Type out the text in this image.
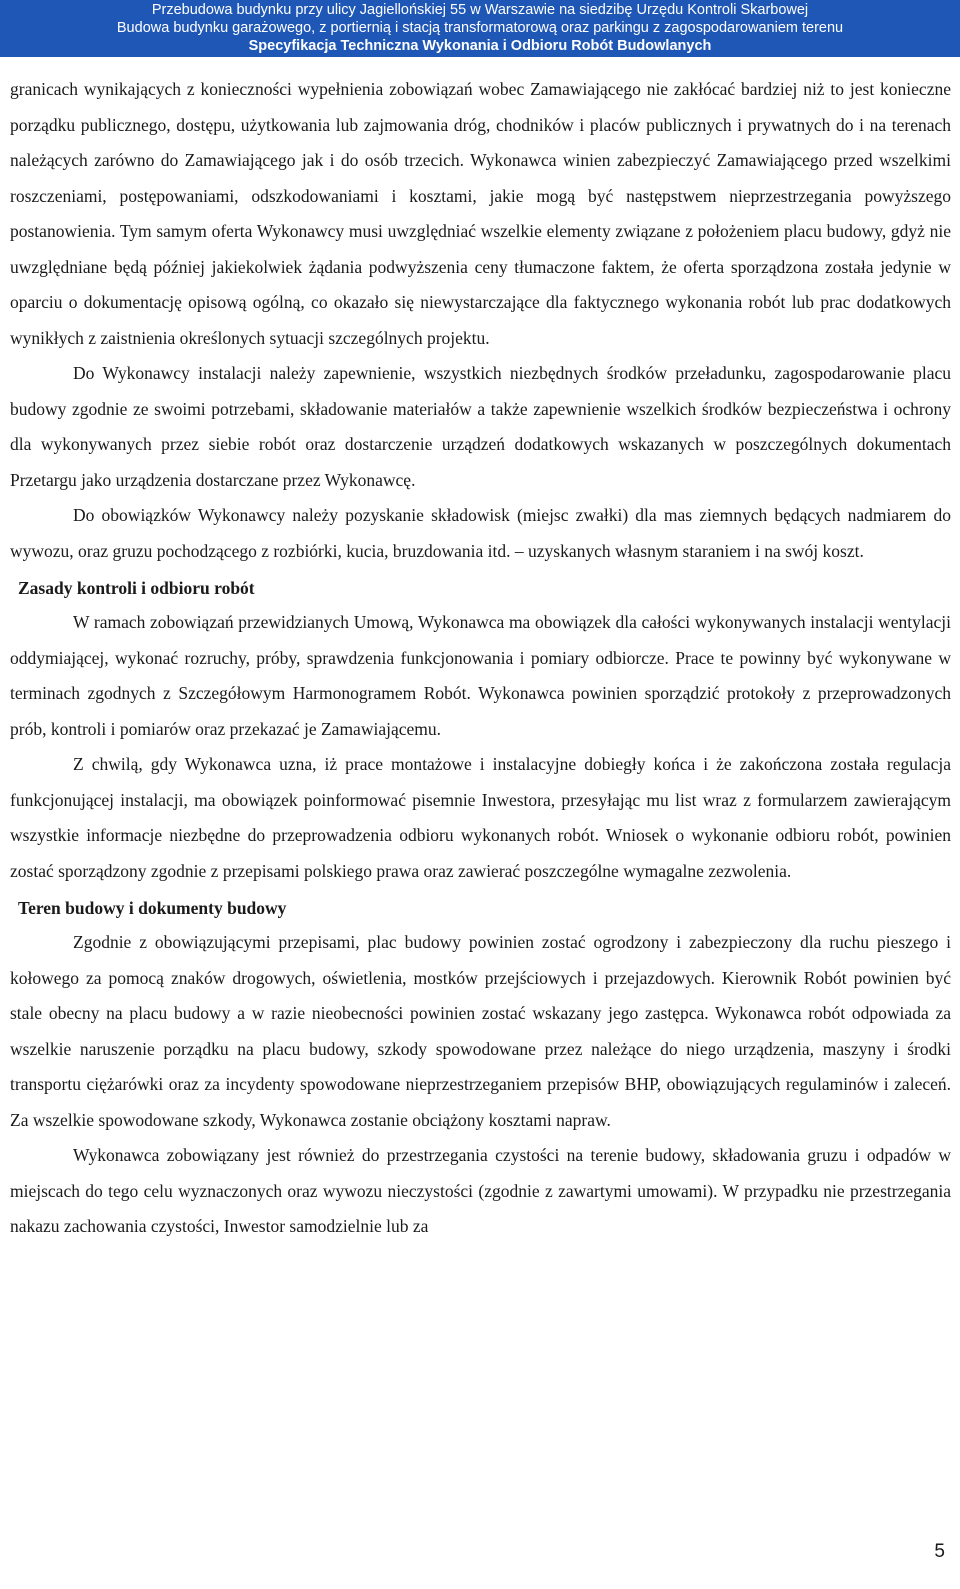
Przebudowa budynku przy ulicy Jagiellońskiej 55 w Warszawie na siedzibę Urzędu Kontroli Skarbowej
Budowa budynku garażowego, z portiernią i stacją transformatorową oraz parkingu z zagospodarowaniem terenu
Specyfikacja Techniczna Wykonania i Odbioru Robót Budowlanych

granicach wynikających z konieczności wypełnienia zobowiązań wobec Zamawiającego nie zakłócać bardziej niż to jest konieczne porządku publicznego, dostępu, użytkowania lub zajmowania dróg, chodników i placów publicznych i prywatnych do i na terenach należących zarówno do Zamawiającego jak i do osób trzecich. Wykonawca winien zabezpieczyć Zamawiającego przed wszelkimi roszczeniami, postępowaniami, odszkodowaniami i kosztami, jakie mogą być następstwem nieprzestrzegania powyższego postanowienia. Tym samym oferta Wykonawcy musi uwzględniać wszelkie elementy związane z położeniem placu budowy, gdyż nie uwzględniane będą później jakiekolwiek żądania podwyższenia ceny tłumaczone faktem, że oferta sporządzona została jedynie w oparciu o dokumentację opisową ogólną, co okazało się niewystarczające dla faktycznego wykonania robót lub prac dodatkowych wynikłych z zaistnienia określonych sytuacji szczególnych projektu.

Do Wykonawcy instalacji należy zapewnienie, wszystkich niezbędnych środków przeładunku, zagospodarowanie placu budowy zgodnie ze swoimi potrzebami, składowanie materiałów a także zapewnienie wszelkich środków bezpieczeństwa i ochrony dla wykonywanych przez siebie robót oraz dostarczenie urządzeń dodatkowych wskazanych w poszczególnych dokumentach Przetargu jako urządzenia dostarczane przez Wykonawcę.

Do obowiązków Wykonawcy należy pozyskanie składowisk (miejsc zwałki) dla mas ziemnych będących nadmiarem do wywozu, oraz gruzu pochodzącego z rozbiórki, kucia, bruzdowania itd. – uzyskanych własnym staraniem i na swój koszt.

Zasady kontroli i odbioru robót

W ramach zobowiązań przewidzianych Umową, Wykonawca ma obowiązek dla całości wykonywanych instalacji wentylacji oddymiającej, wykonać rozruchy, próby, sprawdzenia funkcjonowania i pomiary odbiorcze. Prace te powinny być wykonywane w terminach zgodnych z Szczegółowym Harmonogramem Robót. Wykonawca powinien sporządzić protokoły z przeprowadzonych prób, kontroli i pomiarów oraz przekazać je Zamawiającemu.

Z chwilą, gdy Wykonawca uzna, iż prace montażowe i instalacyjne dobiegły końca i że zakończona została regulacja funkcjonującej instalacji, ma obowiązek poinformować pisemnie Inwestora, przesyłając mu list wraz z formularzem zawierającym wszystkie informacje niezbędne do przeprowadzenia odbioru wykonanych robót. Wniosek o wykonanie odbioru robót, powinien zostać sporządzony zgodnie z przepisami polskiego prawa oraz zawierać poszczególne wymagalne zezwolenia.

Teren budowy i dokumenty budowy

Zgodnie z obowiązującymi przepisami, plac budowy powinien zostać ogrodzony i zabezpieczony dla ruchu pieszego i kołowego za pomocą znaków drogowych, oświetlenia, mostków przejściowych i przejazdowych. Kierownik Robót powinien być stale obecny na placu budowy a w razie nieobecności powinien zostać wskazany jego zastępca. Wykonawca robót odpowiada za wszelkie naruszenie porządku na placu budowy, szkody spowodowane przez należące do niego urządzenia, maszyny i środki transportu ciężarówki oraz za incydenty spowodowane nieprzestrzeganiem przepisów BHP, obowiązujących regulaminów i zaleceń. Za wszelkie spowodowane szkody, Wykonawca zostanie obciążony kosztami napraw.

Wykonawca zobowiązany jest również do przestrzegania czystości na terenie budowy, składowania gruzu i odpadów w miejscach do tego celu wyznaczonych oraz wywozu nieczystości (zgodnie z zawartymi umowami). W przypadku nie przestrzegania nakazu zachowania czystości, Inwestor samodzielnie lub za

5
